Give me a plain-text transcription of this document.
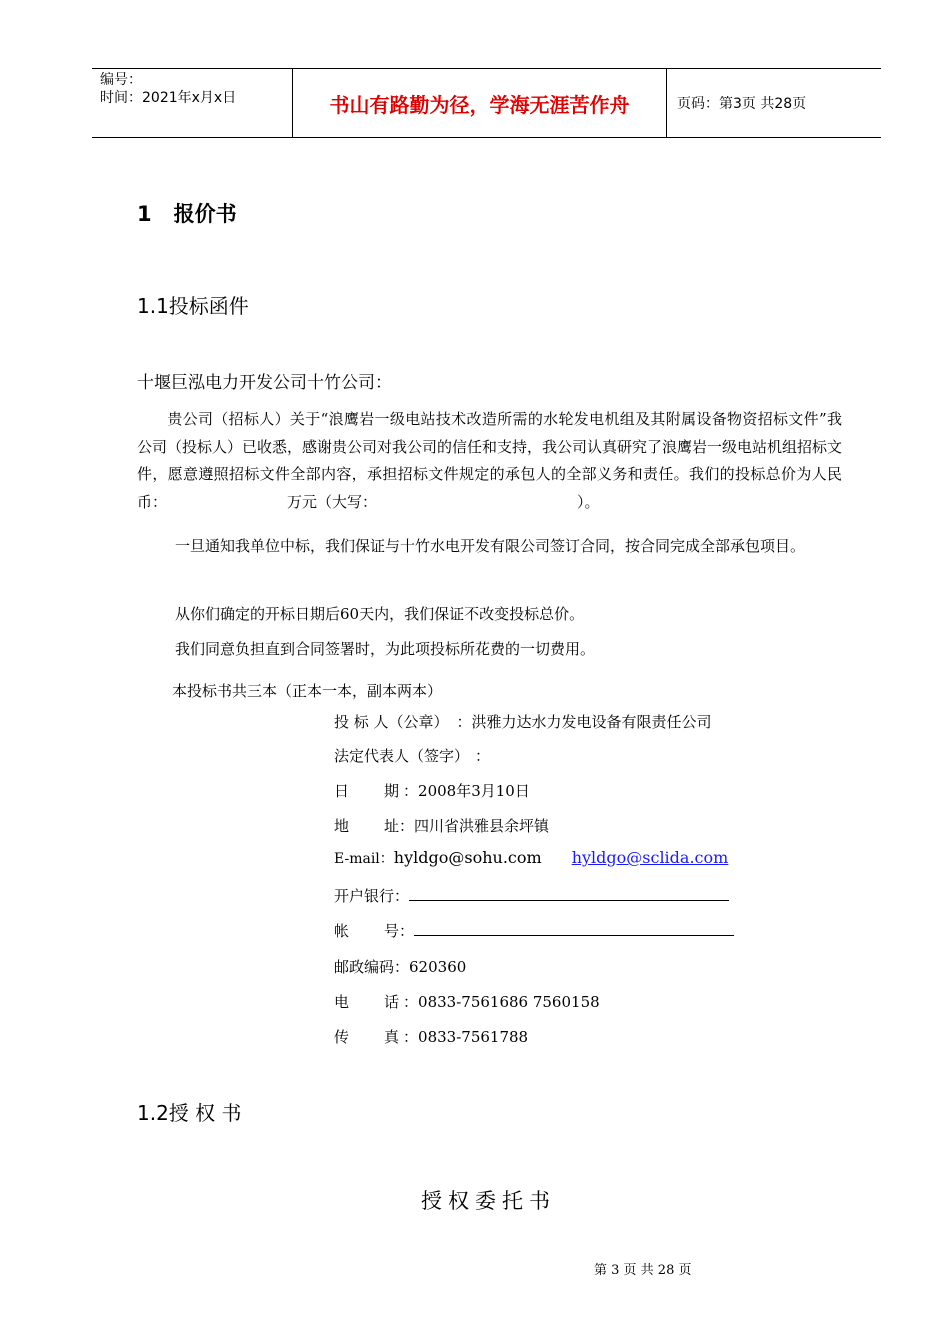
编号：
时间：2021年x月x日	书山有路勤为径，学海无涯苦作舟	页码：第3页 共28页
1 报价书
1.1投标函件
十堰巨泓电力开发公司十竹公司：
贵公司（招标人）关于“浪鹰岩一级电站技术改造所需的水轮发电机组及其附属设备物资招标文件”我公司（投标人）已收悉，感谢贵公司对我公司的信任和支持，我公司认真研究了浪鹰岩一级电站机组招标文件，愿意遵照招标文件全部内容，承担招标文件规定的承包人的全部义务和责任。我们的投标总价为人民币：	万元（大写：	）。
一旦通知我单位中标，我们保证与十竹水电开发有限公司签订合同，按合同完成全部承包项目。
从你们确定的开标日期后60天内，我们保证不改变投标总价。
我们同意负担直到合同签署时，为此项投标所花费的一切费用。
本投标书共三本（正本一本，副本两本）
投 标 人（公章） ：洪雅力达水力发电设备有限责任公司
法定代表人（签字） ：
日 期 ：2008年3月10日
地 址：四川省洪雅县余坪镇
E-mail：hyldgo@sohu.com hyldgo@sclida.com
开户银行：
帐 号：
邮政编码：620360
电 话 ：0833-7561686 7560158
传 真 ：0833-7561788
1.2授 权 书
授权委托书
第 3 页 共 28 页
